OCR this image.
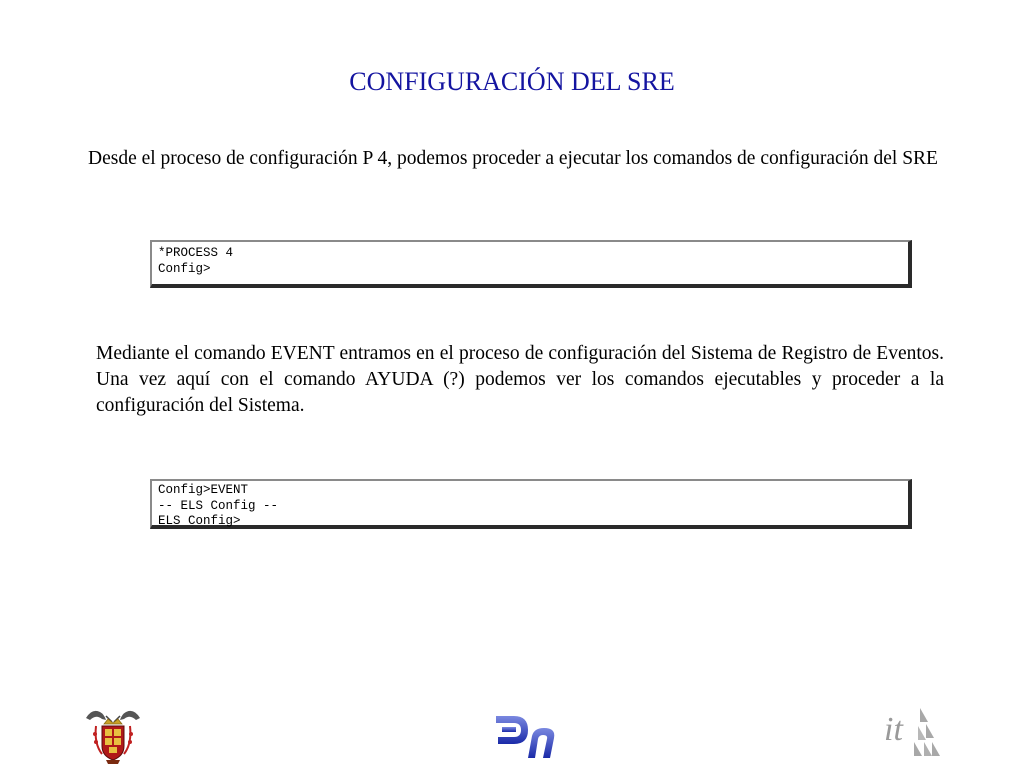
CONFIGURACIÓN DEL SRE
Desde el proceso de configuración P 4, podemos proceder a ejecutar los comandos de configuración del SRE
*PROCESS 4
Config>
Mediante el comando EVENT entramos en el proceso de configuración del Sistema de Registro de Eventos. Una vez aquí con el comando AYUDA (?) podemos ver los comandos ejecutables y proceder a la configuración del Sistema.
Config>EVENT
-- ELS Config --
ELS Config>
it
